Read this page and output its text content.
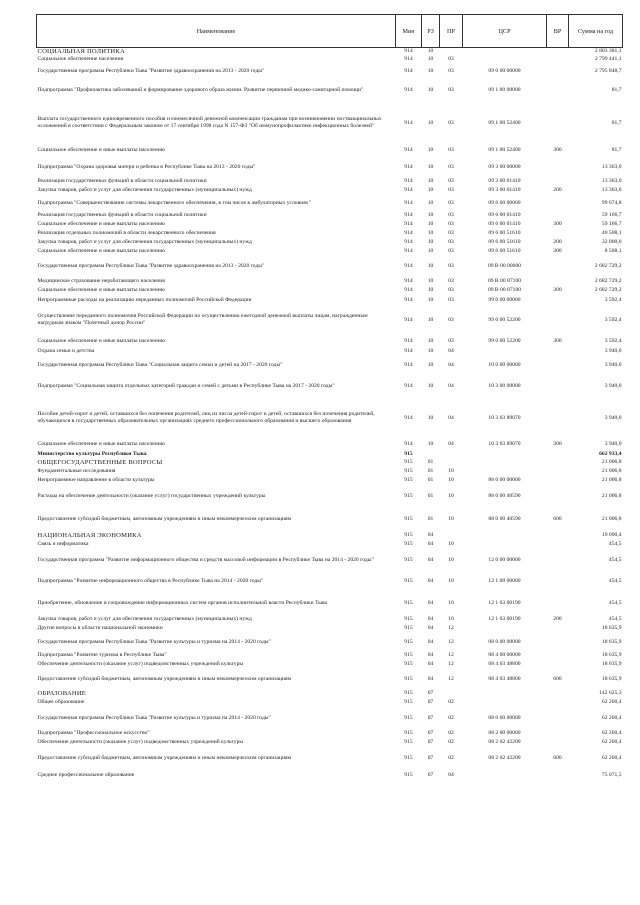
Наименование	Мин	РЗ	ПР	ЦСР	ВР	Сумма на год
СОЦИАЛЬНАЯ ПОЛИТИКА	914	10				2 803 381,1
Социальное обеспечение населения	914	10	03			2 799 441,1
Государственная программа Республики Тыва "Развитие здравоохранения на 2013 - 2020 годы"	914	10	03	09 0 00 00000		2 795 848,7
Подпрограмма "Профилактика заболеваний и формирование здорового образа жизни. Развитие первичной медико-санитарной помощи"	914	10	03	09 1 00 00000		81,7
Выплата государственного единовременного пособия и ежемесячной денежной компенсации гражданам при возникновении поствакцинальных осложнений в соответствии с Федеральным законом от 17 сентября 1998 года N 157-ФЗ "Об иммунопрофилактике инфекционных болезней"	914	10	03	09 1 00 52400		81,7
Социальное обеспечение и иные выплаты населению	914	10	03	09 1 00 52400	300	81,7
Подпрограмма "Охрана здоровья матери и ребенка в Республике Тыва на 2013 - 2020 годы"	914	10	03	09 3 00 00000		13 363,0
Реализация государственных функций в области социальной политики	914	10	03	09 3 00 01410		13 363,0
Закупка товаров, работ и услуг для обеспечения государственных (муниципальных) нужд	914	10	03	09 3 00 01410	200	13 363,0
Подпрограмма "Совершенствование системы лекарственного обеспечения, в том числе в амбулаторных условиях"	914	10	03	09 6 00 00000		99 674,8
Реализация государственных функций в области социальной политики	914	10	03	09 6 00 01410		59 166,7
Социальное обеспечение и иные выплаты населению	914	10	03	09 6 00 01410	300	59 166,7
Реализация отдельных полномочий в области лекарственного обеспечения	914	10	03	09 6 00 51610		40 508,1
Закупка товаров, работ и услуг для обеспечения государственных (муниципальных) нужд	914	10	03	09 6 00 51610	200	32 000,0
Социальное обеспечение и иные выплаты населению	914	10	03	09 6 00 51610	300	8 508,1
Государственная программа Республики Тыва "Развитие здравоохранения на 2013 - 2020 годы"	914	10	03	09 В 00 00000		2 682 729,2
Медицинское страхование неработающего населения	914	10	03	09 В 00 87100		2 682 729,2
Социальное обеспечение и иные выплаты населению	914	10	03	09 В 00 87100	300	2 682 729,2
Непрограммные расходы на реализацию переданных полномочий Российской Федерации	914	10	03	99 0 00 00000		3 592,4
Осуществление переданного полномочия Российской Федерации по осуществлению ежегодной денежной выплаты лицам, награжденным нагрудным знаком "Почетный донор России"	914	10	03	99 0 00 52200		3 592,4
Социальное обеспечение и иные выплаты населению	914	10	03	99 0 00 52200	300	3 592,4
Охрана семьи и детства	914	10	04			3 940,0
Государственная программа Республики Тыва "Социальная защита семьи и детей на 2017 - 2020 годы"	914	10	04	10 0 00 00000		3 940,0
Подпрограмма "Социальная защита отдельных категорий граждан и семей с детьми в Республике Тыва на 2017 - 2020 годы"	914	10	04	10 3 00 00000		3 940,0
Пособие детей-сирот и детей, оставшихся без попечения родителей, лиц из числа детей-сирот и детей, оставшихся без попечения родителей, обучающихся в государственных образовательных организациях среднего профессионального образования и высшего образования	914	10	04	10 3 03 89070		3 940,0
Социальное обеспечение и иные выплаты населению	914	10	04	10 3 03 89070	300	3 940,0
Министерство культуры Республики Тыва	915					662 933,4
ОБЩЕГОСУДАРСТВЕННЫЕ ВОПРОСЫ	915	01				21 006,8
Фундаментальные исследования	915	01	10			21 006,8
Непрограммное направление в области культуры	915	01	10	88 0 00 00000		21 006,8
Расходы на обеспечение деятельности (оказание услуг) государственных учреждений культуры	915	01	10	88 0 00 40590		21 006,8
Предоставление субсидий бюджетным, автономным учреждениям и иным некоммерческим организациям	915	01	10	88 0 00 40590	600	21 006,8
НАЦИОНАЛЬНАЯ ЭКОНОМИКА	915	04				19 090,4
Связь и информатика	915	04	10			454,5
Государственная программа "Развитие информационного общества и средств массовой информации в Республике Тыва на 2014 - 2020 годы"	915	04	10	12 0 00 00000		454,5
Подпрограмма "Развитие информационного общества в Республике Тыва на 2014 - 2020 годы"	915	04	10	12 1 00 00000		454,5
Приобретение, обновление и сопровождение информационных систем органов исполнительной власти Республики Тыва	915	04	10	12 1 03 00190		454,5
Закупка товаров, работ и услуг для обеспечения государственных (муниципальных) нужд	915	04	10	12 1 03 00190	200	454,5
Другие вопросы в области национальной экономики	915	04	12			18 635,9
Государственная программа Республики Тыва "Развитие культуры и туризма на 2014 - 2020 годы"	915	04	12	08 0 00 00000		18 635,9
Подпрограмма "Развитие туризма в Республике Тыва"	915	04	12	08 4 00 00000		18 635,9
Обеспечение деятельности (оказание услуг) подведомственных учреждений культуры	915	04	12	08 4 03 48800		18 635,9
Предоставление субсидий бюджетным, автономным учреждениям и иным некоммерческим организациям	915	04	12	08 4 03 48800	600	18 635,9
ОБРАЗОВАНИЕ	915	07				142 625,3
Общее образование	915	07	02			62 260,4
Государственная программа Республики Тыва "Развитие культуры и туризма на 2014 - 2020 годы"	915	07	02	08 0 00 00000		62 260,4
Подпрограмма "Профессиональное искусство"	915	07	02	08 2 00 00000		62 260,4
Обеспечение деятельности (оказание услуг) подведомственных учреждений культуры	915	07	02	08 2 02 42200		62 260,4
Предоставление субсидий бюджетным, автономным учреждениям и иным некоммерческим организациям	915	07	02	08 2 02 42200	600	62 260,4
Среднее профессиональное образование	915	07	04			75 071,5
